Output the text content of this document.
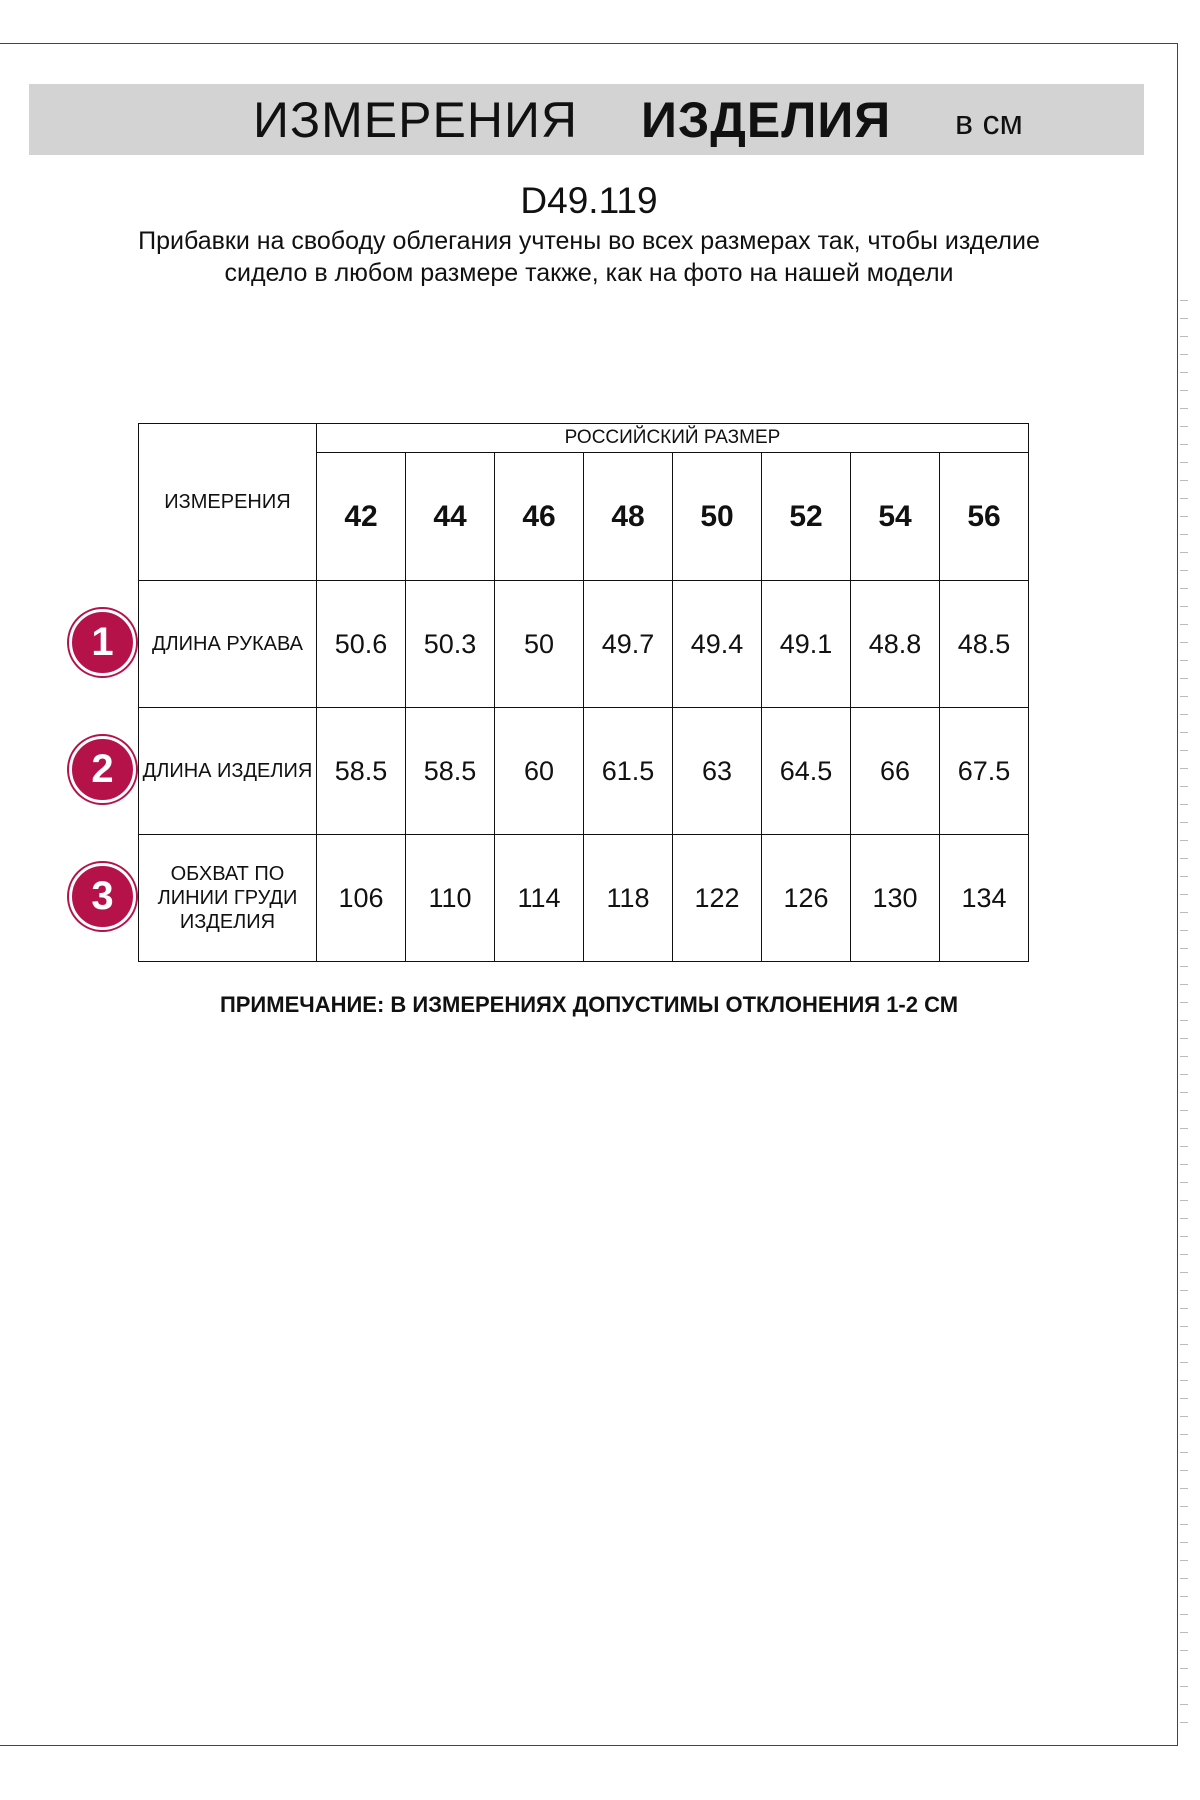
ИЗМЕРЕНИЯ ИЗДЕЛИЯ в см
D49.119
Прибавки на свободу облегания учтены во всех размерах так, чтобы изделие сидело в любом размере также, как на фото на нашей модели
ИЗМЕРЕНИЯ	РОССИЙСКИЙ РАЗМЕР							
	42	44	46	48	50	52	54	56
ДЛИНА РУКАВА	50.6	50.3	50	49.7	49.4	49.1	48.8	48.5
ДЛИНА ИЗДЕЛИЯ	58.5	58.5	60	61.5	63	64.5	66	67.5
ОБХВАТ ПО ЛИНИИ ГРУДИ ИЗДЕЛИЯ	106	110	114	118	122	126	130	134
1
2
3
ПРИМЕЧАНИЕ: В ИЗМЕРЕНИЯХ ДОПУСТИМЫ ОТКЛОНЕНИЯ 1-2 СМ
